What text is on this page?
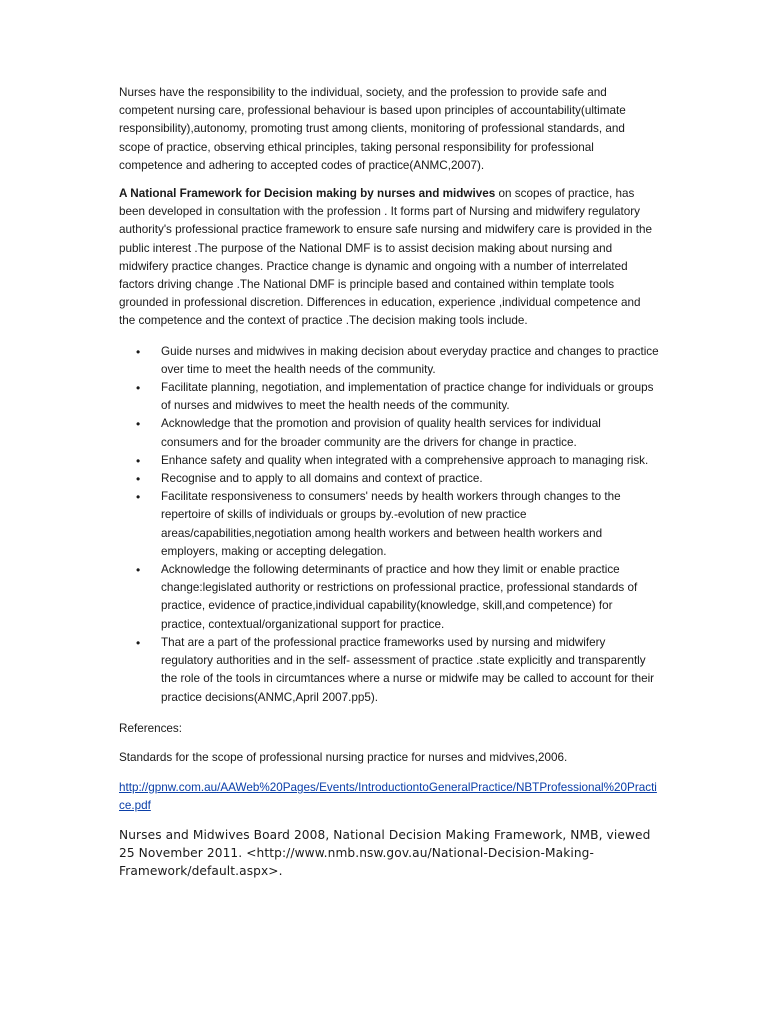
Nurses have the responsibility to the individual, society, and the profession to provide safe and competent nursing care, professional behaviour is based upon principles of accountability(ultimate responsibility),autonomy, promoting trust among clients, monitoring of professional standards, and scope of practice, observing ethical principles, taking personal responsibility for professional competence and adhering to accepted codes of practice(ANMC,2007).

A National Framework for Decision making by nurses and midwives on scopes of practice, has been developed in consultation with the profession . It forms part of Nursing and midwifery regulatory authority's professional practice framework to ensure safe nursing and midwifery care is provided in the public interest .The purpose of the National DMF is to assist decision making about nursing and midwifery practice changes. Practice change is dynamic and ongoing with a number of interrelated factors driving change .The National DMF is principle based and contained within template tools grounded in professional discretion. Differences in education, experience ,individual competence and the competence and the context of practice .The decision making tools include.

• Guide nurses and midwives in making decision about everyday practice and changes to practice over time to meet the health needs of the community.
• Facilitate planning, negotiation, and implementation of practice change for individuals or groups of nurses and midwives to meet the health needs of the community.
• Acknowledge that the promotion and provision of quality health services for individual consumers and for the broader community are the drivers for change in practice.
• Enhance safety and quality when integrated with a comprehensive approach to managing risk.
• Recognise and to apply to all domains and context of practice.
• Facilitate responsiveness to consumers' needs by health workers through changes to the repertoire of skills of individuals or groups by.-evolution of new practice areas/capabilities,negotiation among health workers and between health workers and employers, making or accepting delegation.
• Acknowledge the following determinants of practice and how they limit or enable practice change:legislated authority or restrictions on professional practice, professional standards of practice, evidence of practice,individual capability(knowledge, skill,and competence) for practice, contextual/organizational support for practice.
• That are a part of the professional practice frameworks used by nursing and midwifery regulatory authorities and in the self- assessment of practice .state explicitly and transparently the role of the tools in circumtances where a nurse or midwife may be called to account for their practice decisions(ANMC,April 2007.pp5).

References:

Standards for the scope of professional nursing practice for nurses and midvives,2006.

http://gpnw.com.au/AAWeb%20Pages/Events/IntroductiontoGeneralPractice/NBTProfessional%20Practice.pdf

Nurses and Midwives Board 2008, National Decision Making Framework, NMB, viewed 25 November 2011. <http://www.nmb.nsw.gov.au/National-Decision-Making-Framework/default.aspx>.
